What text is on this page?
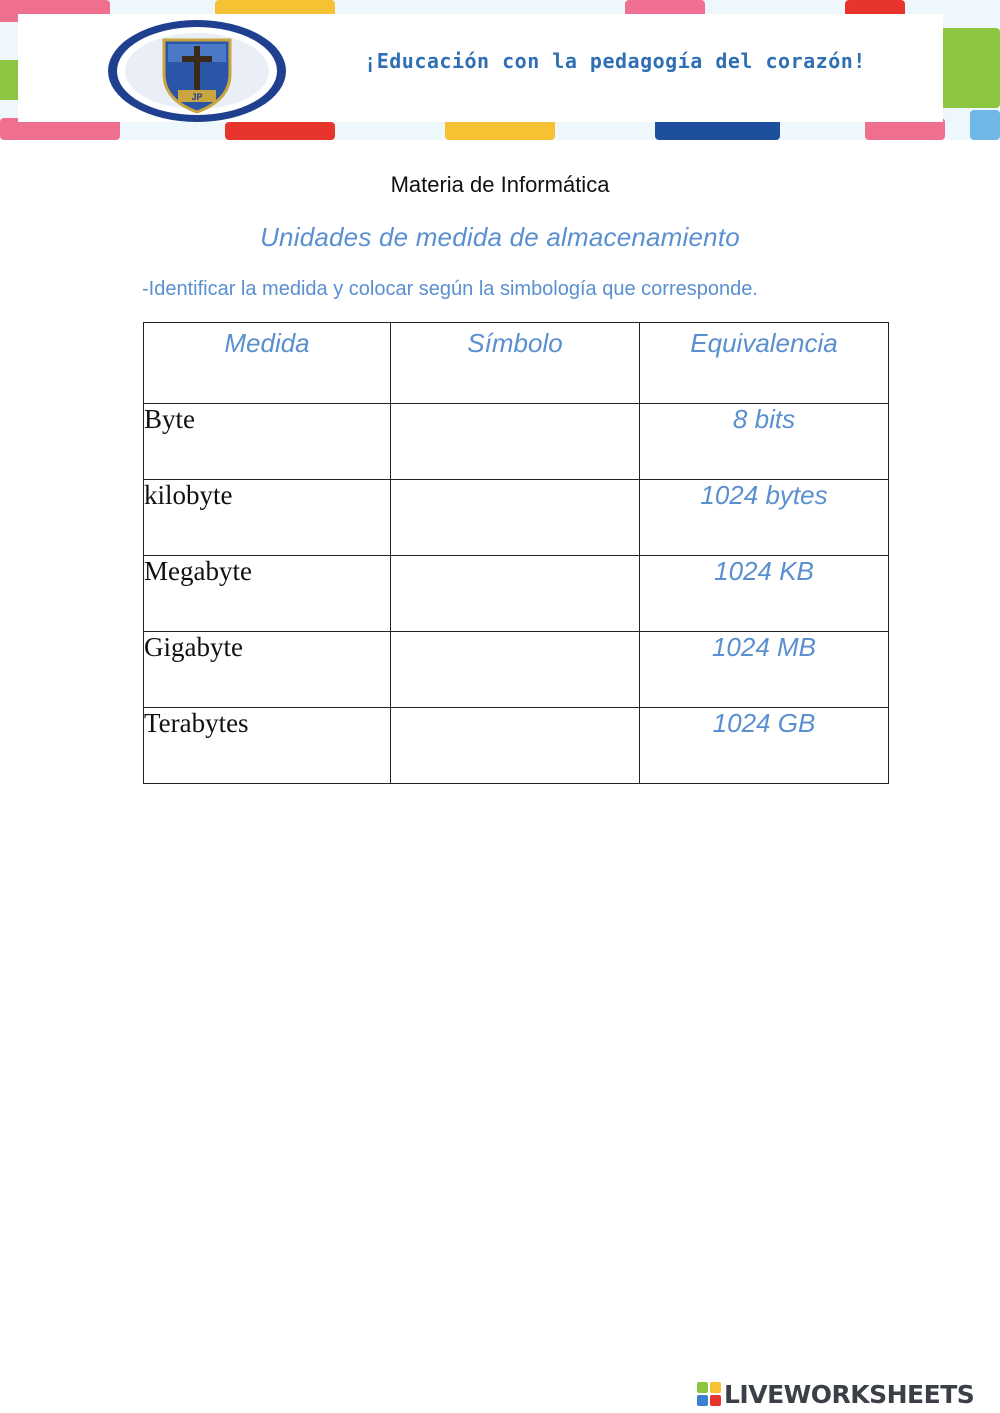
JP
¡Educación con la pedagogía del corazón!
Materia de Informática
Unidades de medida de almacenamiento
-Identificar la medida y colocar según la simbología que corresponde.
Medida	Símbolo	Equivalencia
Byte		8 bits
kilobyte		1024 bytes
Megabyte		1024 KB
Gigabyte		1024 MB
Terabytes		1024 GB
LIVEWORKSHEETS
